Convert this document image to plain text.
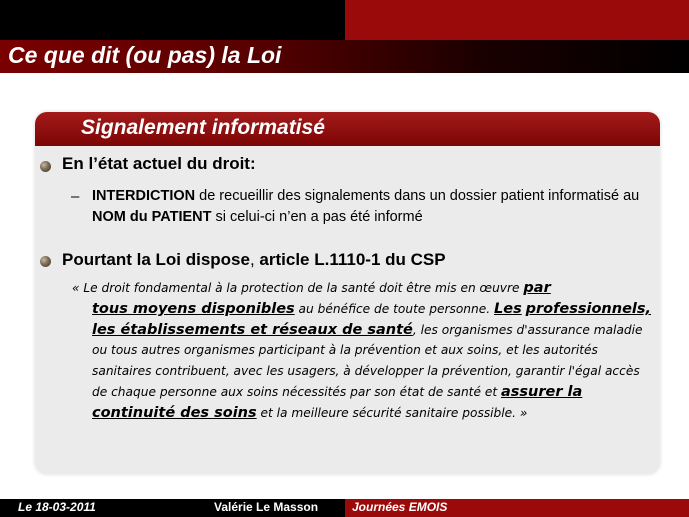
Ce que dit (ou pas) la Loi
Signalement informatisé
En l’état actuel du droit:
– INTERDICTION de recueillir des signalements dans un dossier patient informatisé au NOM du PATIENT si celui-ci n’en a pas été informé
Pourtant la Loi dispose, article L.1110-1 du CSP
« Le droit fondamental à la protection de la santé doit être mis en œuvre par
tous moyens disponibles au bénéfice de toute personne. Les professionnels, les établissements et réseaux de santé, les organismes d'assurance maladie ou tous autres organismes participant à la prévention et aux soins, et les autorités sanitaires contribuent, avec les usagers, à développer la prévention, garantir l'égal accès de chaque personne aux soins nécessités par son état de santé et assurer la continuité des soins et la meilleure sécurité sanitaire possible. »
Le 18-03-2011	Valérie Le Masson	Journées EMOIS
